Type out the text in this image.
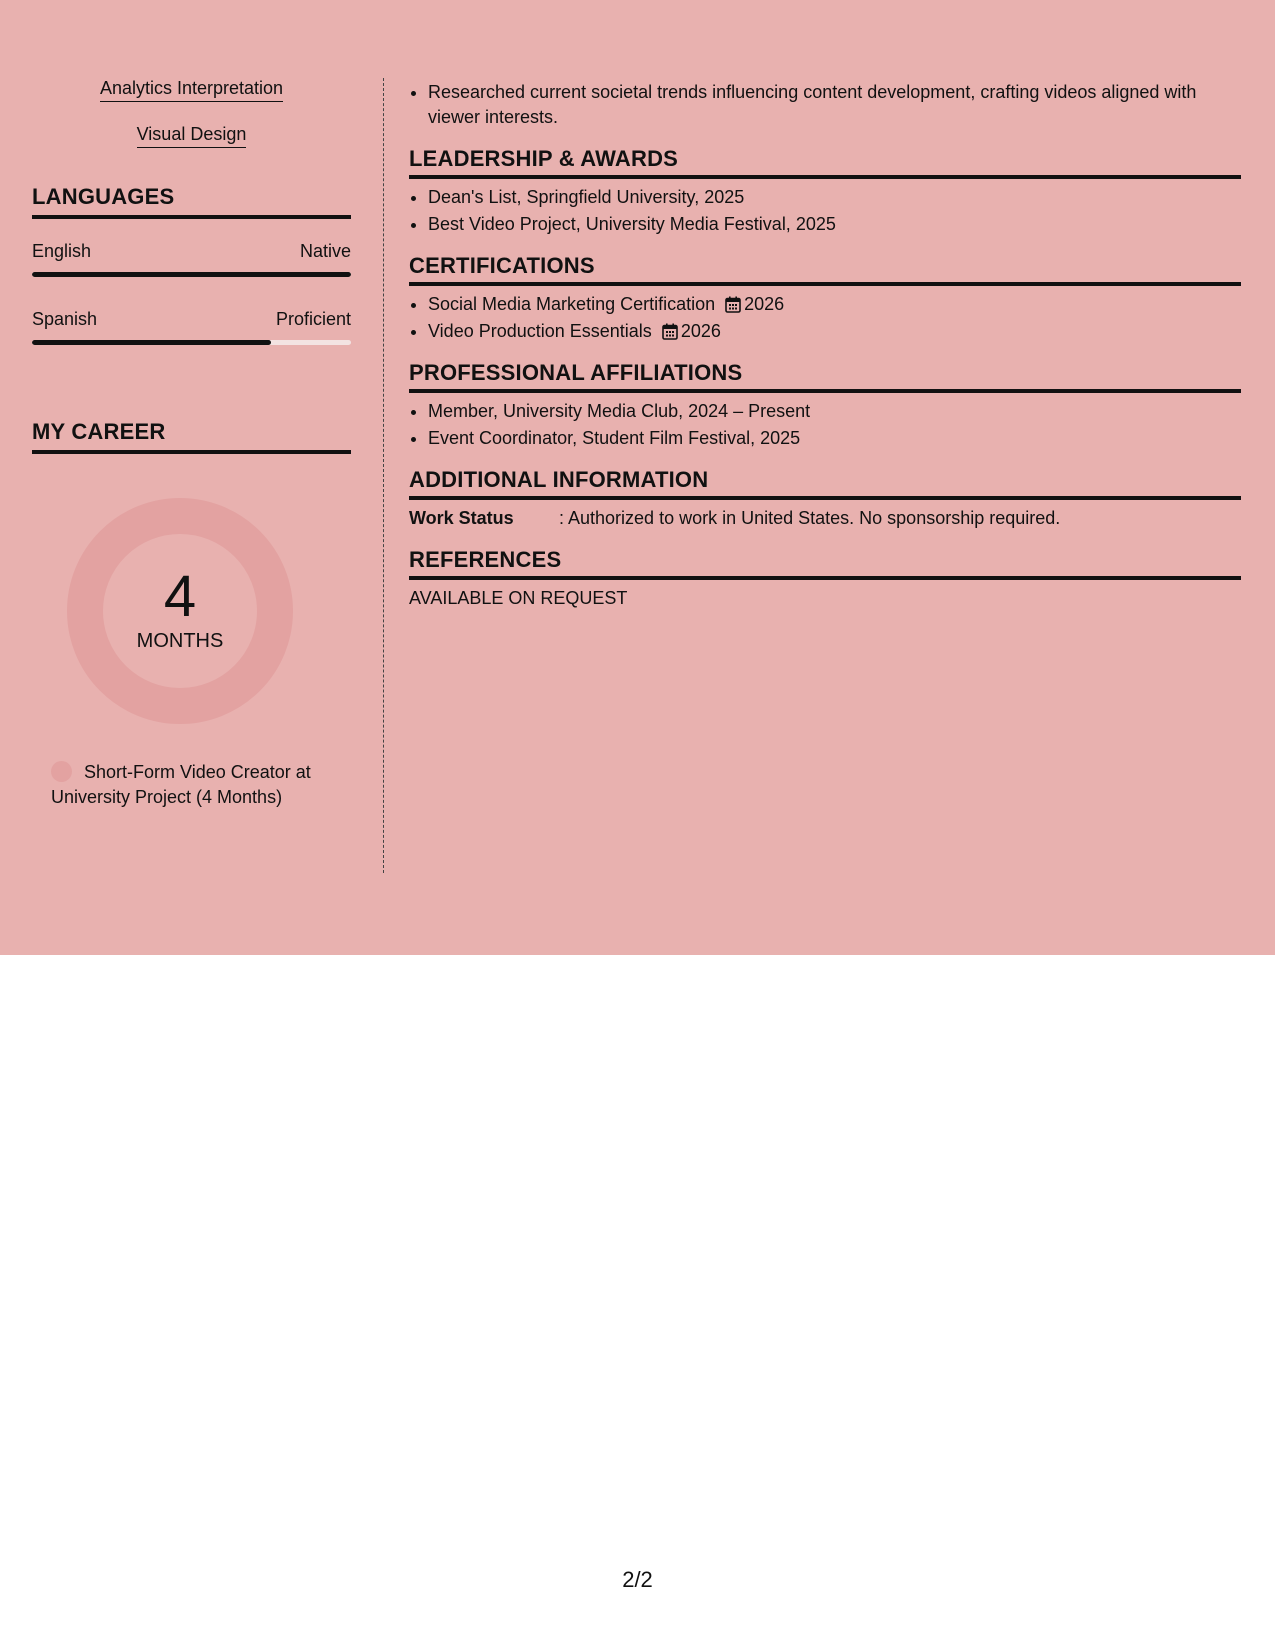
Analytics Interpretation
Visual Design
LANGUAGES
English	Native
Spanish	Proficient
MY CAREER
4
MONTHS
Short-Form Video Creator at University Project (4 Months)
• Researched current societal trends influencing content development, crafting videos aligned with viewer interests.
LEADERSHIP & AWARDS
• Dean's List, Springfield University, 2025
• Best Video Project, University Media Festival, 2025
CERTIFICATIONS
• Social Media Marketing Certification 2026
• Video Production Essentials 2026
PROFESSIONAL AFFILIATIONS
• Member, University Media Club, 2024 – Present
• Event Coordinator, Student Film Festival, 2025
ADDITIONAL INFORMATION
Work Status	: Authorized to work in United States. No sponsorship required.
REFERENCES
AVAILABLE ON REQUEST
2/2
